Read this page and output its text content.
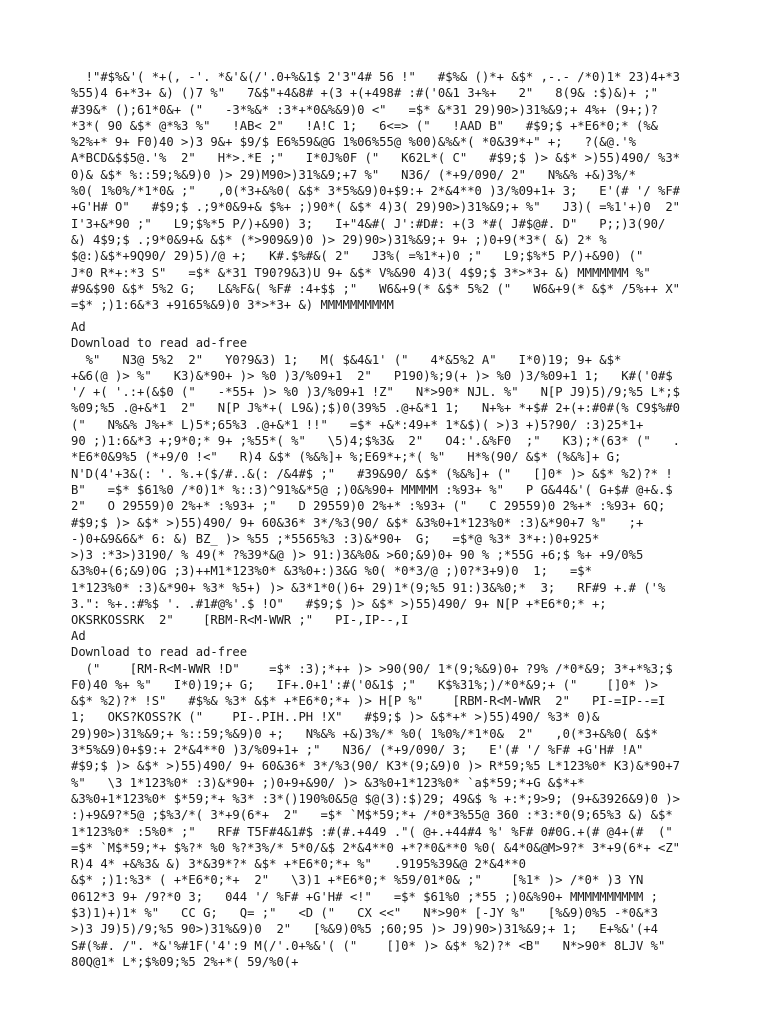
!"#$%&'( *+(, -'. *&'&(/'.0+%&1$ 2'3"4# 56 !"   #$%& ()*+ &$* ,-.- /*0)1* 23)4+*3
%55)4 6+*3+ &) ()7 %"   7&$"+4&8# +(3 +(+498# :#('0&1 3+%+   2"   8(9& :$)&)+ ;"
#39&* ();61*0&+ ("   -3*%&* :3*+*0&%&9)0 <"   =$* &*31 29)90>)31%&9;+ 4%+ (9+;)?
*3*( 90 &$* @*%3 %"   !AB< 2"   !A!C 1;   6<=> ("   !AAD B"   #$9;$ +*E6*0;* (%&
%2%+* 9+ F0)40 >)3 9&+ $9/$ E6%59&@G 1%06%55@ %00)&%&*( *0&39*+" +;   ?(&@.'%
A*BCD&$$5@.'%  2"   H*>.*E ;"   I*0J%0F ("   K62L*( C"   #$9;$ )> &$* >)55)490/ %3*
0)& &$* %::59;%&9)0 )> 29)M90>)31%&9;+7 %"   N36/ (*+9/090/ 2"   N%&% +&)3%/*
%0( 1%0%/*1*0& ;"   ,0(*3+&%0( &$* 3*5%&9)0+$9:+ 2*&4**0 )3/%09+1+ 3;   E'(# '/ %F#
+G'H# O"   #$9;$ .;9*0&9+& $%+ ;)90*( &$* 4)3( 29)90>)31%&9;+ %"   J3)( =%1'+)0  2"
I'3+&*90 ;"   L9;$%*5 P/)+&90) 3;   I+"4&#( J':#D#: +(3 *#( J#$@#. D"   P;;)3(90/
&) 4$9;$ .;9*0&9+& &$* (*>909&9)0 )> 29)90>)31%&9;+ 9+ ;)0+9(*3*( &) 2* %
$@:)&$*+9Q90/ 29)5)/@ +;   K#.$%#&( 2"   J3%( =%1*+)0 ;"   L9;$%*5 P/)+&90) ("
J*0 R*+:*3 S"   =$* &*31 T90?9&3)U 9+ &$* V%&90 4)3( 4$9;$ 3*>*3+ &) MMMMMMM %"
#9&$90 &$* 5%2 G;   L&%F&( %F# :4+$$ ;"   W6&+9(* &$* 5%2 ("   W6&+9(* &$* /5%++ X"
=$* ;)1:6&*3 +9165%&9)0 3*>*3+ &) MMMMMMMMMM
Ad
Download to read ad-free
%"   N3@ 5%2  2"   Y0?9&3) 1;   M( $&4&1' ("   4*&5%2 A"   I*0)19; 9+ &$*
+&6(@ )> %"   K3)&*90+ )> %0 )3/%09+1  2"   P190)%;9(+ )> %0 )3/%09+1 1;   K#('0#$
'/ +( '.:+(&$0 ("   -*55+ )> %0 )3/%09+1 !Z"   N*>90* NJL. %"   N[P J9)5)/9;%5 L*;$
%09;%5 .@+&*1  2"   N[P J%*+( L9&);$)0(39%5 .@+&*1 1;   N+%+ *+$# 2+(+:#0#(% C9$%#0
("   N%&% J%+* L)5*;65%3 .@+&*1 !!"   =$* +&*:49+* 1*&$)( >)3 +)5?90/ :3)25*1+
90 ;)1:6&*3 +;9*0;* 9+ ;%55*( %"   \5)4;$%3&  2"   O4:'.&%F0  ;"   K3);*(63* ("   .
*E6*0&9%5 (*+9/0 !<"   R)4 &$* (%&%]+ %;E69*+;*( %"   H*%(90/ &$* (%&%]+ G;
N'D(4'+3&(: '. %.+($/#..&(: /&4#$ ;"   #39&90/ &$* (%&%]+ ("   []0* )> &$* %2)?* !
B"   =$* $61%0 /*0)1* %::3)^91%&*5@ ;)0&%90+ MMMMM :%93+ %"   P G&44&'( G+$# @+&.$
2"   O 29559)0 2%+* :%93+ ;"   D 29559)0 2%+* :%93+ ("   C 29559)0 2%+* :%93+ 6Q;
#$9;$ )> &$* >)55)490/ 9+ 60&36* 3*/%3(90/ &$* &3%0+1*123%0* :3)&*90+7 %"   ;+
-)0+&9&6&* 6: &) BZ_ )> %55 ;*5565%3 :3)&*90+  G;   =$*@ %3* 3*+:)0+925*
>)3 :*3>)3190/ % 49(* ?%39*&@ )> 91:)3&%0& >60;&9)0+ 90 % ;*55G +6;$ %+ +9/0%5
&3%0+(6;&9)0G ;3)++M1*123%0* &3%0+:)3&G %0( *0*3/@ ;)0?*3+9)0  1;   =$*
1*123%0* :3)&*90+ %3* %5+) )> &3*1*0()6+ 29)1*(9;%5 91:)3&%0;*  3;   RF#9 +.# ('%
3.": %+.:#%$ '. .#1#@%'.$ !O"   #$9;$ )> &$* >)55)490/ 9+ N[P +*E6*0;* +;
OKSRKOSSRK  2"    [RBM-R<M-WWR ;"   PI-,IP--,I
Ad
Download to read ad-free
("    [RM-R<M-WWR !D"    =$* :3);*++ )> >90(90/ 1*(9;%&9)0+ ?9% /*0*&9; 3*+*%3;$
F0)40 %+ %"   I*0)19;+ G;   IF+.0+1':#('0&1$ ;"   K$%31%;)/*0*&9;+ ("    []0* )>
&$* %2)?* !S"   #$%& %3* &$* +*E6*0;*+ )> H[P %"    [RBM-R<M-WWR  2"   PI-=IP--=I
1;   OKS?KOSS?K ("    PI-.PIH..PH !X"   #$9;$ )> &$*+* >)55)490/ %3* 0)&
29)90>)31%&9;+ %::59;%&9)0 +;   N%&% +&)3%/* %0( 1%0%/*1*0&  2"   ,0(*3+&%0( &$*
3*5%&9)0+$9:+ 2*&4**0 )3/%09+1+ ;"   N36/ (*+9/090/ 3;   E'(# '/ %F# +G'H# !A"
#$9;$ )> &$* >)55)490/ 9+ 60&36* 3*/%3(90/ K3*(9;&9)0 )> R*59;%5 L*123%0* K3)&*90+7
%"   \3 1*123%0* :3)&*90+ ;)0+9+&90/ )> &3%0+1*123%0* `a$*59;*+G &$*+*
&3%0+1*123%0* $*59;*+ %3* :3*()190%0&5@ $@(3):$)29; 49&$ % +:*;9>9; (9+&3926&9)0 )>
:)+9&9?*5@ ;$%3/*( 3*+9(6*+  2"   =$* `M$*59;*+ /*0*3%55@ 360 :*3:*0(9;65%3 &) &$*
1*123%0* :5%0* ;"   RF# T5F#4&1#$ :#(#.+449 ."( @+.+44#4 %' %F# 0#0G.+(# @4+(#  ("
=$* `M$*59;*+ $%?* %0 %?*3%/* 5*0/&$ 2*&4**0 +*?*0&**0 %0( &4*0&@M>9?* 3*+9(6*+ <Z"
R)4 4* +&%3& &) 3*&39*?* &$* +*E6*0;*+ %"   .9195%39&@ 2*&4**0
&$* ;)1:%3* ( +*E6*0;*+  2"   \3)1 +*E6*0;* %59/01*0& ;"    [%1* )> /*0* )3 YN
0612*3 9+ /9?*0 3;   044 '/ %F# +G'H# <!"   =$* $61%0 ;*55 ;)0&%90+ MMMMMMMMMM ;
$3)1)+)1* %"   CC G;   Q= ;"   <D ("   CX <<"   N*>90* [-JY %"   [%&9)0%5 -*0&*3
>)3 J9)5)/9;%5 90>)31%&9)0  2"   [%&9)0%5 ;60;95 )> J9)90>)31%&9;+ 1;   E+%&'(+4
S#(%#. /". *&'%#1F('4':9 M(/'.0+%&'( ("    []0* )> &$* %2)?* <B"   N*>90* 8LJV %"
80Q@1* L*;$%09;%5 2%+*( 59/%0(+
